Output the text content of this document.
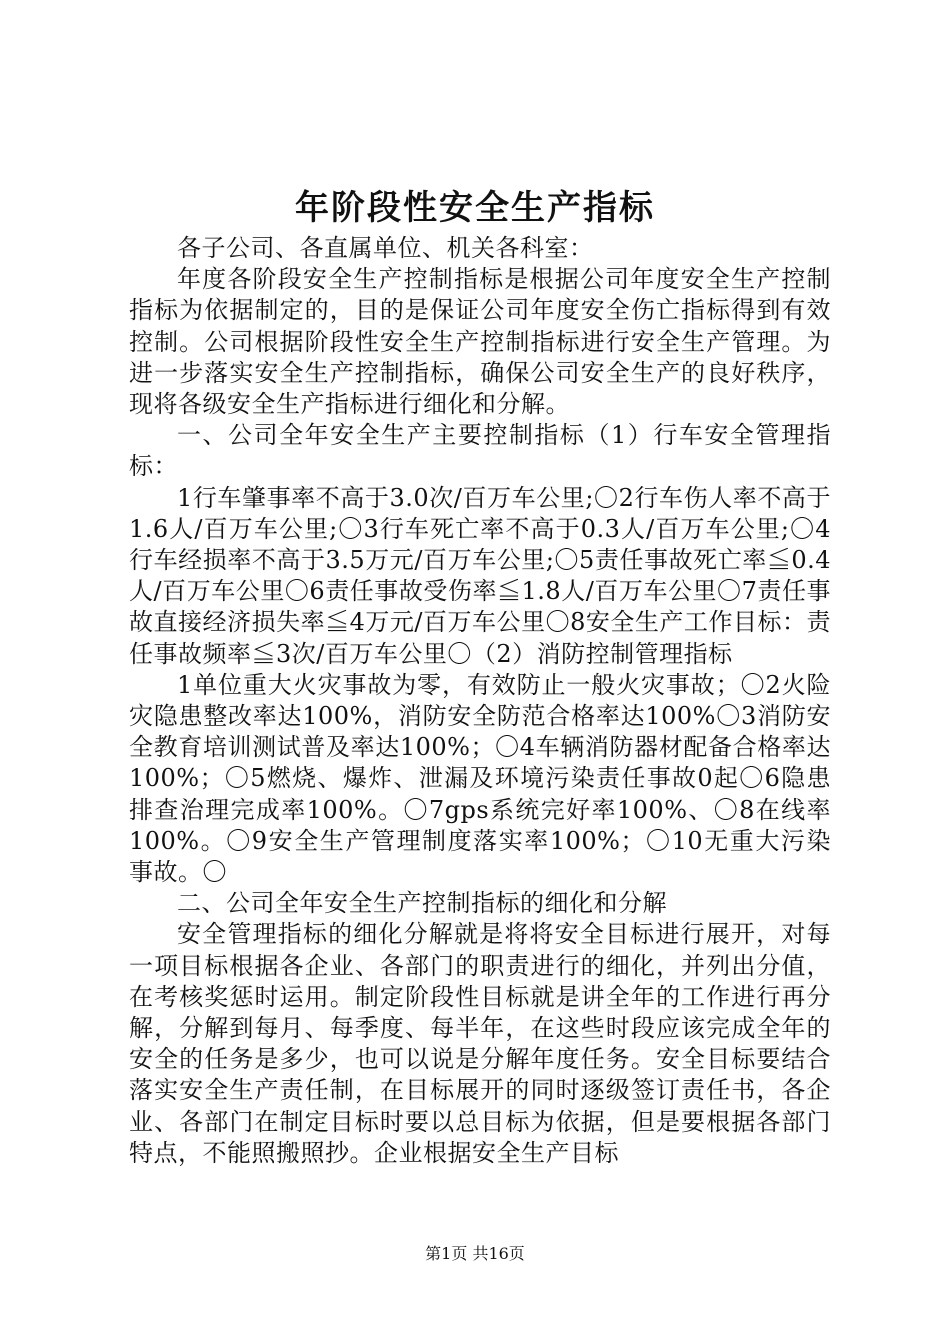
年阶段性安全生产指标

各子公司、各直属单位、机关各科室：

年度各阶段安全生产控制指标是根据公司年度安全生产控制指标为依据制定的，目的是保证公司年度安全伤亡指标得到有效控制。公司根据阶段性安全生产控制指标进行安全生产管理。为进一步落实安全生产控制指标，确保公司安全生产的良好秩序，现将各级安全生产指标进行细化和分解。

一、公司全年安全生产主要控制指标（1）行车安全管理指标：

1行车肇事率不高于3.0次/百万车公里;〇2行车伤人率不高于1.6人/百万车公里;〇3行车死亡率不高于0.3人/百万车公里;〇4行车经损率不高于3.5万元/百万车公里;〇5责任事故死亡率≦0.4人/百万车公里〇6责任事故受伤率≦1.8人/百万车公里〇7责任事故直接经济损失率≦4万元/百万车公里〇8安全生产工作目标：责任事故频率≦3次/百万车公里〇（2）消防控制管理指标

1单位重大火灾事故为零，有效防止一般火灾事故；〇2火险灾隐患整改率达100%，消防安全防范合格率达100%〇3消防安全教育培训测试普及率达100%；〇4车辆消防器材配备合格率达100%；〇5燃烧、爆炸、泄漏及环境污染责任事故0起〇6隐患排查治理完成率100%。〇7gps系统完好率100%、〇8在线率100%。〇9安全生产管理制度落实率100%；〇10无重大污染事故。〇

二、公司全年安全生产控制指标的细化和分解

安全管理指标的细化分解就是将将安全目标进行展开，对每一项目标根据各企业、各部门的职责进行的细化，并列出分值，在考核奖惩时运用。制定阶段性目标就是讲全年的工作进行再分解，分解到每月、每季度、每半年，在这些时段应该完成全年的安全的任务是多少，也可以说是分解年度任务。安全目标要结合落实安全生产责任制，在目标展开的同时逐级签订责任书，各企业、各部门在制定目标时要以总目标为依据，但是要根据各部门特点，不能照搬照抄。企业根据安全生产目标

第1页 共16页
